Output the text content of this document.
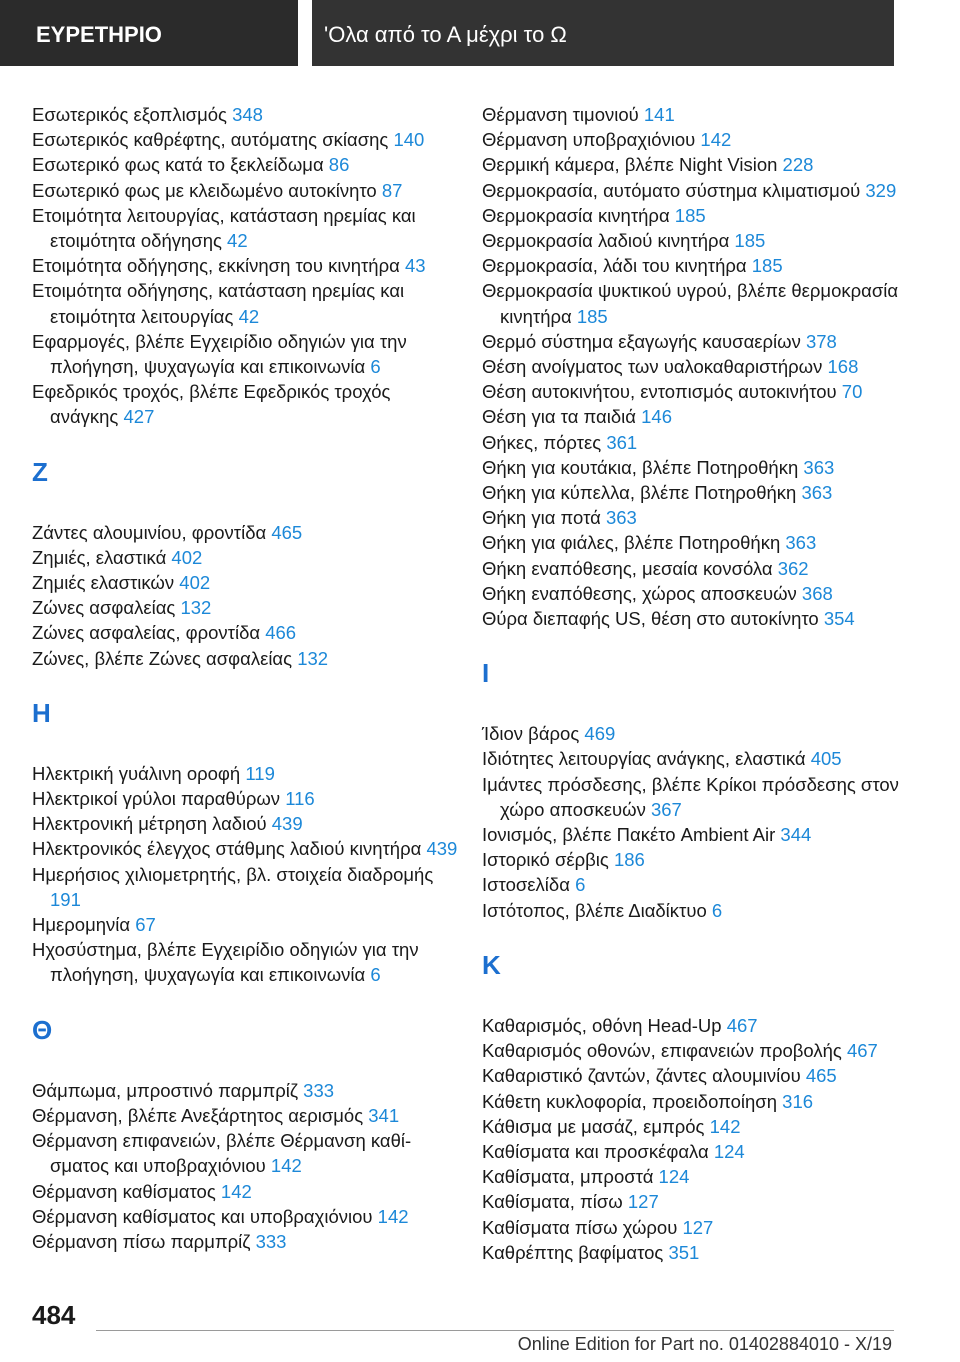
ΕΥΡΕΤΗΡΙΟ	'Ολα από το Α μέχρι το Ω
Εσωτερικός εξοπλισμός 348
Εσωτερικός καθρέφτης, αυτόματης σκίασης 140
Εσωτερικό φως κατά το ξεκλείδωμα 86
Εσωτερικό φως με κλειδωμένο αυτοκίνητο 87
Ετοιμότητα λειτουργίας, κατάσταση ηρεμίας και ετοιμότητα οδήγησης 42
Ετοιμότητα οδήγησης, εκκίνηση του κινητήρα 43
Ετοιμότητα οδήγησης, κατάσταση ηρεμίας και ετοιμότητα λειτουργίας 42
Εφαρμογές, βλέπε Εγχειρίδιο οδηγιών για την πλοήγηση, ψυχαγωγία και επικοινωνία 6
Εφεδρικός τροχός, βλέπε Εφεδρικός τροχός ανάγκης 427
Ζ
Ζάντες αλουμινίου, φροντίδα 465
Ζημιές, ελαστικά 402
Ζημιές ελαστικών 402
Ζώνες ασφαλείας 132
Ζώνες ασφαλείας, φροντίδα 466
Ζώνες, βλέπε Ζώνες ασφαλείας 132
Η
Ηλεκτρική γυάλινη οροφή 119
Ηλεκτρικοί γρύλοι παραθύρων 116
Ηλεκτρονική μέτρηση λαδιού 439
Ηλεκτρονικός έλεγχος στάθμης λαδιού κινητήρα 439
Ημερήσιος χιλιομετρητής, βλ. στοιχεία διαδρομής 191
Ημερομηνία 67
Ηχοσύστημα, βλέπε Εγχειρίδιο οδηγιών για την πλοήγηση, ψυχαγωγία και επικοινωνία 6
Θ
Θάμπωμα, μπροστινό παρμπρίζ 333
Θέρμανση, βλέπε Ανεξάρτητος αερισμός 341
Θέρμανση επιφανειών, βλέπε Θέρμανση καθίσματος και υποβραχιόνιου 142
Θέρμανση καθίσματος 142
Θέρμανση καθίσματος και υποβραχιόνιου 142
Θέρμανση πίσω παρμπρίζ 333
Θέρμανση τιμονιού 141
Θέρμανση υποβραχιόνιου 142
Θερμική κάμερα, βλέπε Night Vision 228
Θερμοκρασία, αυτόματο σύστημα κλιματισμού 329
Θερμοκρασία κινητήρα 185
Θερμοκρασία λαδιού κινητήρα 185
Θερμοκρασία, λάδι του κινητήρα 185
Θερμοκρασία ψυκτικού υγρού, βλέπε θερμοκρασία κινητήρα 185
Θερμό σύστημα εξαγωγής καυσαερίων 378
Θέση ανοίγματος των υαλοκαθαριστήρων 168
Θέση αυτοκινήτου, εντοπισμός αυτοκινήτου 70
Θέση για τα παιδιά 146
Θήκες, πόρτες 361
Θήκη για κουτάκια, βλέπε Ποτηροθήκη 363
Θήκη για κύπελλα, βλέπε Ποτηροθήκη 363
Θήκη για ποτά 363
Θήκη για φιάλες, βλέπε Ποτηροθήκη 363
Θήκη εναπόθεσης, μεσαία κονσόλα 362
Θήκη εναπόθεσης, χώρος αποσκευών 368
Θύρα διεπαφής US, θέση στο αυτοκίνητο 354
Ι
Ίδιον βάρος 469
Ιδιότητες λειτουργίας ανάγκης, ελαστικά 405
Ιμάντες πρόσδεσης, βλέπε Κρίκοι πρόσδεσης στον χώρο αποσκευών 367
Ιονισμός, βλέπε Πακέτο Ambient Air 344
Ιστορικό σέρβις 186
Ιστοσελίδα 6
Ιστότοπος, βλέπε Διαδίκτυο 6
Κ
Καθαρισμός, οθόνη Head-Up 467
Καθαρισμός οθονών, επιφανειών προβολής 467
Καθαριστικό ζαντών, ζάντες αλουμινίου 465
Κάθετη κυκλοφορία, προειδοποίηση 316
Κάθισμα με μασάζ, εμπρός 142
Καθίσματα και προσκέφαλα 124
Καθίσματα, μπροστά 124
Καθίσματα, πίσω 127
Καθίσματα πίσω χώρου 127
Καθρέπτης βαφίματος 351
484
Online Edition for Part no. 01402884010 - X/19
